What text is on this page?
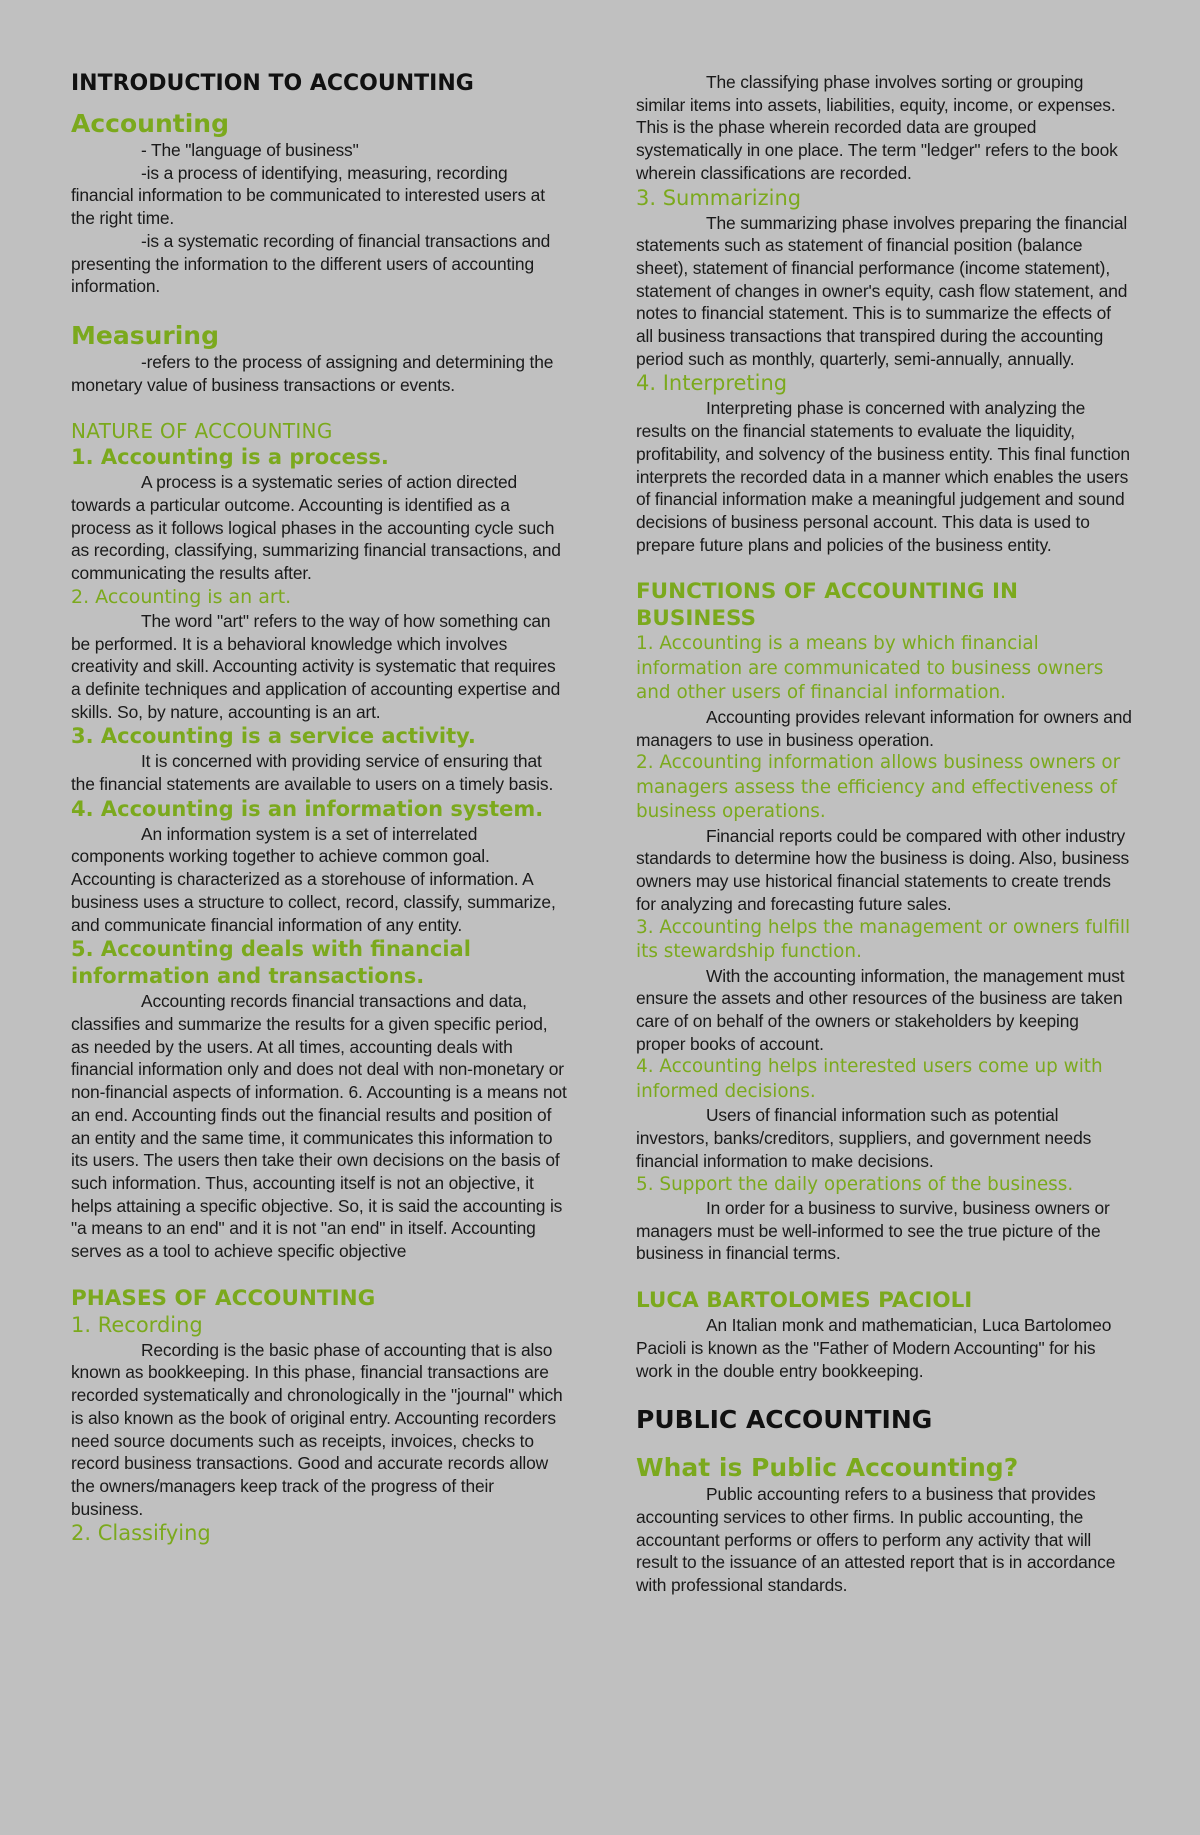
INTRODUCTION TO ACCOUNTING
Accounting

- The "language of business"

-is a process of identifying, measuring, recording financial information to be communicated to interested users at the right time.

-is a systematic recording of financial transactions and presenting the information to the different users of accounting information.

Measuring

-refers to the process of assigning and determining the monetary value of business transactions or events.

NATURE OF ACCOUNTING
1. Accounting is a process.

A process is a systematic series of action directed towards a particular outcome. Accounting is identified as a process as it follows logical phases in the accounting cycle such as recording, classifying, summarizing financial transactions, and communicating the results after.

2. Accounting is an art.

The word "art" refers to the way of how something can be performed. It is a behavioral knowledge which involves creativity and skill. Accounting activity is systematic that requires a definite techniques and application of accounting expertise and skills. So, by nature, accounting is an art.

3. Accounting is a service activity.

It is concerned with providing service of ensuring that the financial statements are available to users on a timely basis.

4. Accounting is an information system.

An information system is a set of interrelated components working together to achieve common goal. Accounting is characterized as a storehouse of information. A business uses a structure to collect, record, classify, summarize, and communicate financial information of any entity.

5. Accounting deals with financial information and transactions.

Accounting records financial transactions and data, classifies and summarize the results for a given specific period, as needed by the users. At all times, accounting deals with financial information only and does not deal with non-monetary or non-financial aspects of information. 6. Accounting is a means not an end. Accounting finds out the financial results and position of an entity and the same time, it communicates this information to its users. The users then take their own decisions on the basis of such information. Thus, accounting itself is not an objective, it helps attaining a specific objective. So, it is said the accounting is "a means to an end" and it is not "an end" in itself. Accounting serves as a tool to achieve specific objective

PHASES OF ACCOUNTING
1. Recording

Recording is the basic phase of accounting that is also known as bookkeeping. In this phase, financial transactions are recorded systematically and chronologically in the "journal" which is also known as the book of original entry. Accounting recorders need source documents such as receipts, invoices, checks to record business transactions. Good and accurate records allow the owners/managers keep track of the progress of their business.

2. Classifying

The classifying phase involves sorting or grouping similar items into assets, liabilities, equity, income, or expenses. This is the phase wherein recorded data are grouped systematically in one place. The term "ledger" refers to the book wherein classifications are recorded.

3. Summarizing

The summarizing phase involves preparing the financial statements such as statement of financial position (balance sheet), statement of financial performance (income statement), statement of changes in owner's equity, cash flow statement, and notes to financial statement. This is to summarize the effects of all business transactions that transpired during the accounting period such as monthly, quarterly, semi-annually, annually.

4. Interpreting

Interpreting phase is concerned with analyzing the results on the financial statements to evaluate the liquidity, profitability, and solvency of the business entity. This final function interprets the recorded data in a manner which enables the users of financial information make a meaningful judgement and sound decisions of business personal account. This data is used to prepare future plans and policies of the business entity.

FUNCTIONS OF ACCOUNTING IN BUSINESS
1. Accounting is a means by which financial information are communicated to business owners and other users of financial information.

Accounting provides relevant information for owners and managers to use in business operation.

2. Accounting information allows business owners or managers assess the efficiency and effectiveness of business operations.

Financial reports could be compared with other industry standards to determine how the business is doing. Also, business owners may use historical financial statements to create trends for analyzing and forecasting future sales.

3. Accounting helps the management or owners fulfill its stewardship function.

With the accounting information, the management must ensure the assets and other resources of the business are taken care of on behalf of the owners or stakeholders by keeping proper books of account.

4. Accounting helps interested users come up with informed decisions.

Users of financial information such as potential investors, banks/creditors, suppliers, and government needs financial information to make decisions.

5. Support the daily operations of the business.

In order for a business to survive, business owners or managers must be well-informed to see the true picture of the business in financial terms.

LUCA BARTOLOMES PACIOLI

An Italian monk and mathematician, Luca Bartolomeo Pacioli is known as the "Father of Modern Accounting" for his work in the double entry bookkeeping.

PUBLIC ACCOUNTING
What is Public Accounting?

Public accounting refers to a business that provides accounting services to other firms. In public accounting, the accountant performs or offers to perform any activity that will result to the issuance of an attested report that is in accordance with professional standards.
